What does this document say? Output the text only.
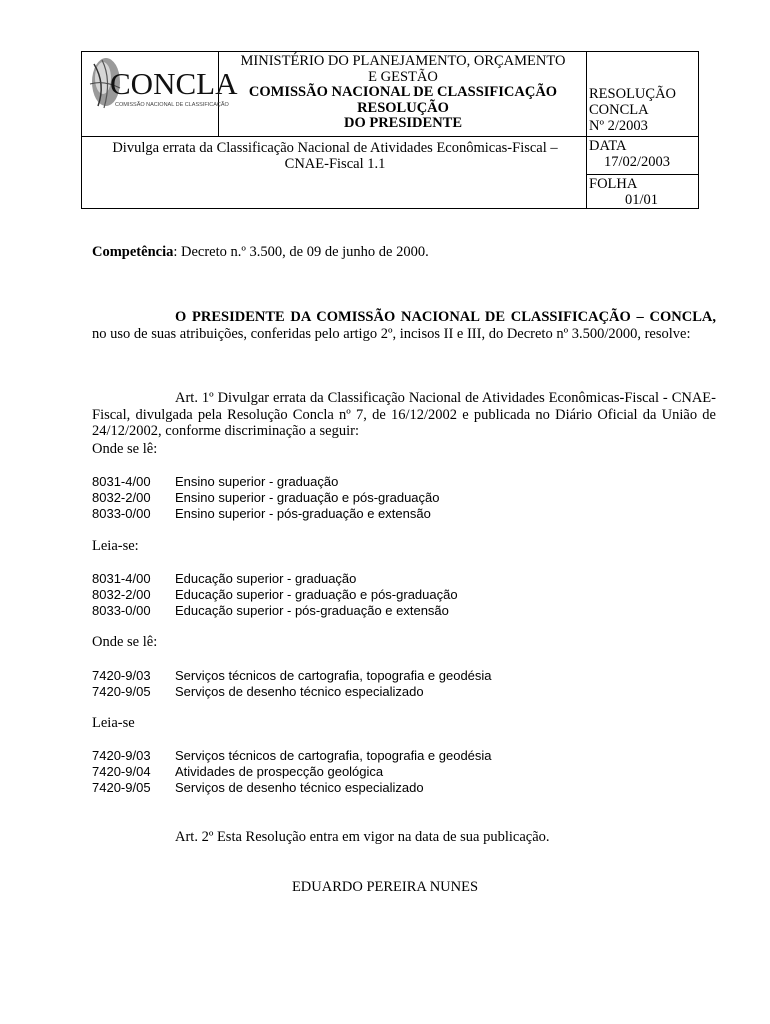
CONCLA
COMISSÃO NACIONAL DE CLASSIFICAÇÃO
MINISTÉRIO DO PLANEJAMENTO, ORÇAMENTO
E GESTÃO
COMISSÃO NACIONAL DE CLASSIFICAÇÃO
RESOLUÇÃO
DO PRESIDENTE
RESOLUÇÃO
CONCLA
Nº 2/2003
Divulga errata da Classificação Nacional de Atividades Econômicas-Fiscal –
CNAE-Fiscal 1.1
DATA
17/02/2003
FOLHA
01/01
Competência: Decreto n.º 3.500, de 09 de junho de 2000.
O PRESIDENTE DA COMISSÃO NACIONAL DE CLASSIFICAÇÃO – CONCLA, no uso de suas atribuições, conferidas pelo artigo 2º, incisos II e III, do Decreto nº 3.500/2000, resolve:
Art. 1º Divulgar errata da Classificação Nacional de Atividades Econômicas-Fiscal - CNAE-Fiscal, divulgada pela Resolução Concla nº 7, de 16/12/2002 e publicada no Diário Oficial da União de 24/12/2002, conforme discriminação a seguir:
Onde se lê:
8031-4/00 Ensino superior - graduação
8032-2/00 Ensino superior - graduação e pós-graduação
8033-0/00 Ensino superior - pós-graduação e extensão
Leia-se:
8031-4/00 Educação superior - graduação
8032-2/00 Educação superior - graduação e pós-graduação
8033-0/00 Educação superior - pós-graduação e extensão
Onde se lê:
7420-9/03 Serviços técnicos de cartografia, topografia e geodésia
7420-9/05 Serviços de desenho técnico especializado
Leia-se
7420-9/03 Serviços técnicos de cartografia, topografia e geodésia
7420-9/04 Atividades de prospecção geológica
7420-9/05 Serviços de desenho técnico especializado
Art. 2º Esta Resolução entra em vigor na data de sua publicação.
EDUARDO PEREIRA NUNES
